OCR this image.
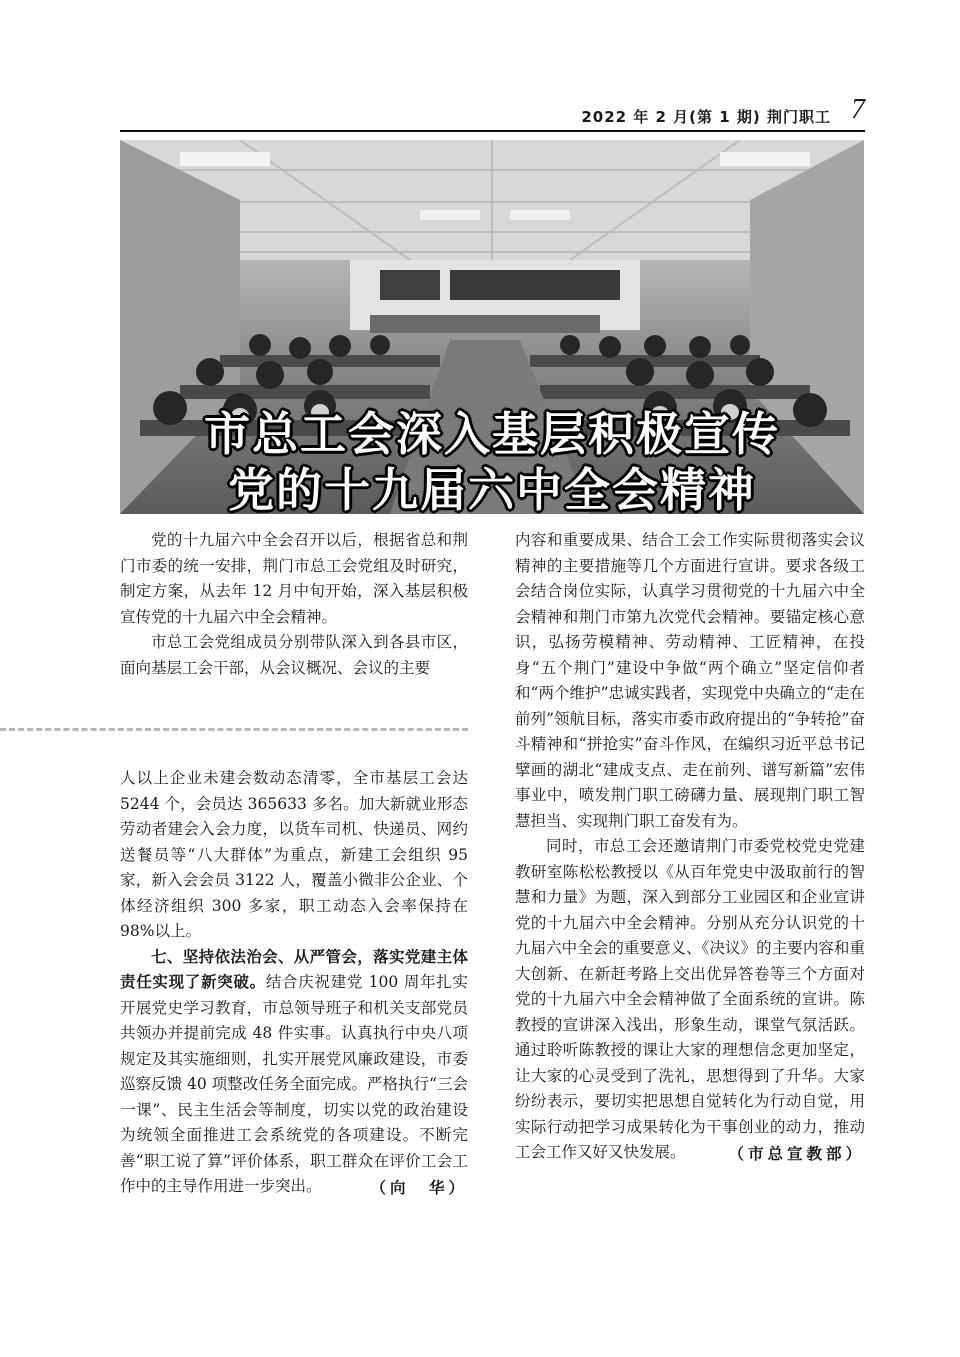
2022 年 2 月(第 1 期) 荆门职工 7
市总工会深入基层积极宣传
党的十九届六中全会精神

党的十九届六中全会召开以后，根据省总和荆门市委的统一安排，荆门市总工会党组及时研究，制定方案，从去年 12 月中旬开始，深入基层积极宣传党的十九届六中全会精神。

市总工会党组成员分别带队深入到各县市区，面向基层工会干部，从会议概况、会议的主要

内容和重要成果、结合工会工作实际贯彻落实会议精神的主要措施等几个方面进行宣讲。要求各级工会结合岗位实际，认真学习贯彻党的十九届六中全会精神和荆门市第九次党代会精神。要锚定核心意识，弘扬劳模精神、劳动精神、工匠精神，在投身“五个荆门”建设中争做“两个确立”坚定信仰者和“两个维护”忠诚实践者，实现党中央确立的“走在前列”领航目标，落实市委市政府提出的“争转抢”奋斗精神和“拼抢实”奋斗作风，在编织习近平总书记擘画的湖北“建成支点、走在前列、谱写新篇”宏伟事业中，喷发荆门职工磅礴力量、展现荆门职工智慧担当、实现荆门职工奋发有为。

同时，市总工会还邀请荆门市委党校党史党建教研室陈松松教授以《从百年党史中汲取前行的智慧和力量》为题，深入到部分工业园区和企业宣讲党的十九届六中全会精神。分别从充分认识党的十九届六中全会的重要意义、《决议》的主要内容和重大创新、在新赶考路上交出优异答卷等三个方面对党的十九届六中全会精神做了全面系统的宣讲。陈教授的宣讲深入浅出，形象生动，课堂气氛活跃。通过聆听陈教授的课让大家的理想信念更加坚定，让大家的心灵受到了洗礼，思想得到了升华。大家纷纷表示，要切实把思想自觉转化为行动自觉，用实际行动把学习成果转化为干事创业的动力，推动工会工作又好又快发展。	（市总宣教部）

人以上企业未建会数动态清零，全市基层工会达 5244 个，会员达 365633 多名。加大新就业形态劳动者建会入会力度，以货车司机、快递员、网约送餐员等“八大群体”为重点，新建工会组织 95 家，新入会会员 3122 人，覆盖小微非公企业、个体经济组织 300 多家，职工动态入会率保持在 98%以上。

七、坚持依法治会、从严管会，落实党建主体责任实现了新突破。结合庆祝建党 100 周年扎实开展党史学习教育，市总领导班子和机关支部党员共领办并提前完成 48 件实事。认真执行中央八项规定及其实施细则，扎实开展党风廉政建设，市委巡察反馈 40 项整改任务全面完成。严格执行“三会一课”、民主生活会等制度，切实以党的政治建设为统领全面推进工会系统党的各项建设。不断完善“职工说了算”评价体系，职工群众在评价工会工作中的主导作用进一步突出。	（向　华）
